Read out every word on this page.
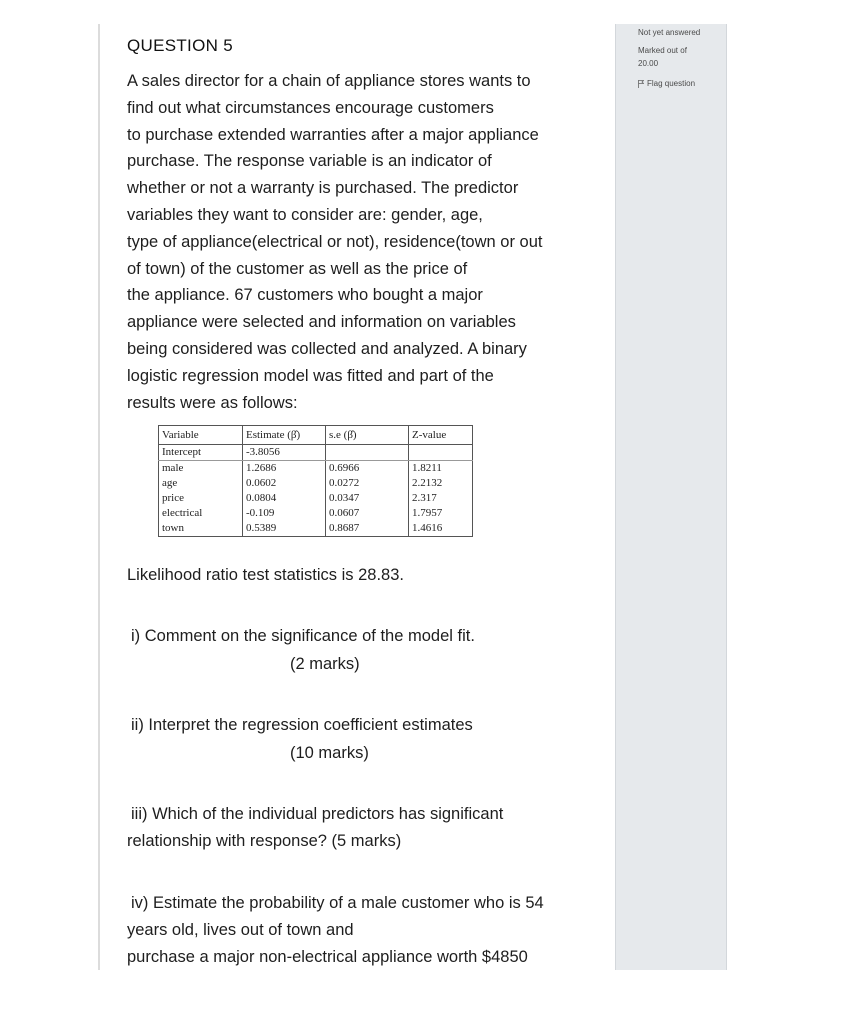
Not yet answered
Marked out of
20.00
Flag question
QUESTION 5
A sales director for a chain of appliance stores wants to
find out what circumstances encourage customers
to purchase extended warranties after a major appliance
purchase. The response variable is an indicator of
whether or not a warranty is purchased. The predictor
variables they want to consider are: gender, age,
type of appliance(electrical or not), residence(town or out
of town) of the customer as well as the price of
the appliance. 67 customers who bought a major
appliance were selected and information on variables
being considered was collected and analyzed. A binary
logistic regression model was fitted and part of the
results were as follows:
Variable	Estimate (β̂)	s.e (β̂)	Z-value
Intercept	-3.8056		
male	1.2686	0.6966	1.8211
age	0.0602	0.0272	2.2132
price	0.0804	0.0347	2.317
electrical	-0.109	0.0607	1.7957
town	0.5389	0.8687	1.4616
Likelihood ratio test statistics is 28.83.
i) Comment on the significance of the model fit.
(2 marks)
ii) Interpret the regression coefficient estimates
(10 marks)
iii) Which of the individual predictors has significant
relationship with response? (5 marks)
iv) Estimate the probability of a male customer who is 54
years old, lives out of town and
purchase a major non-electrical appliance worth $4850
